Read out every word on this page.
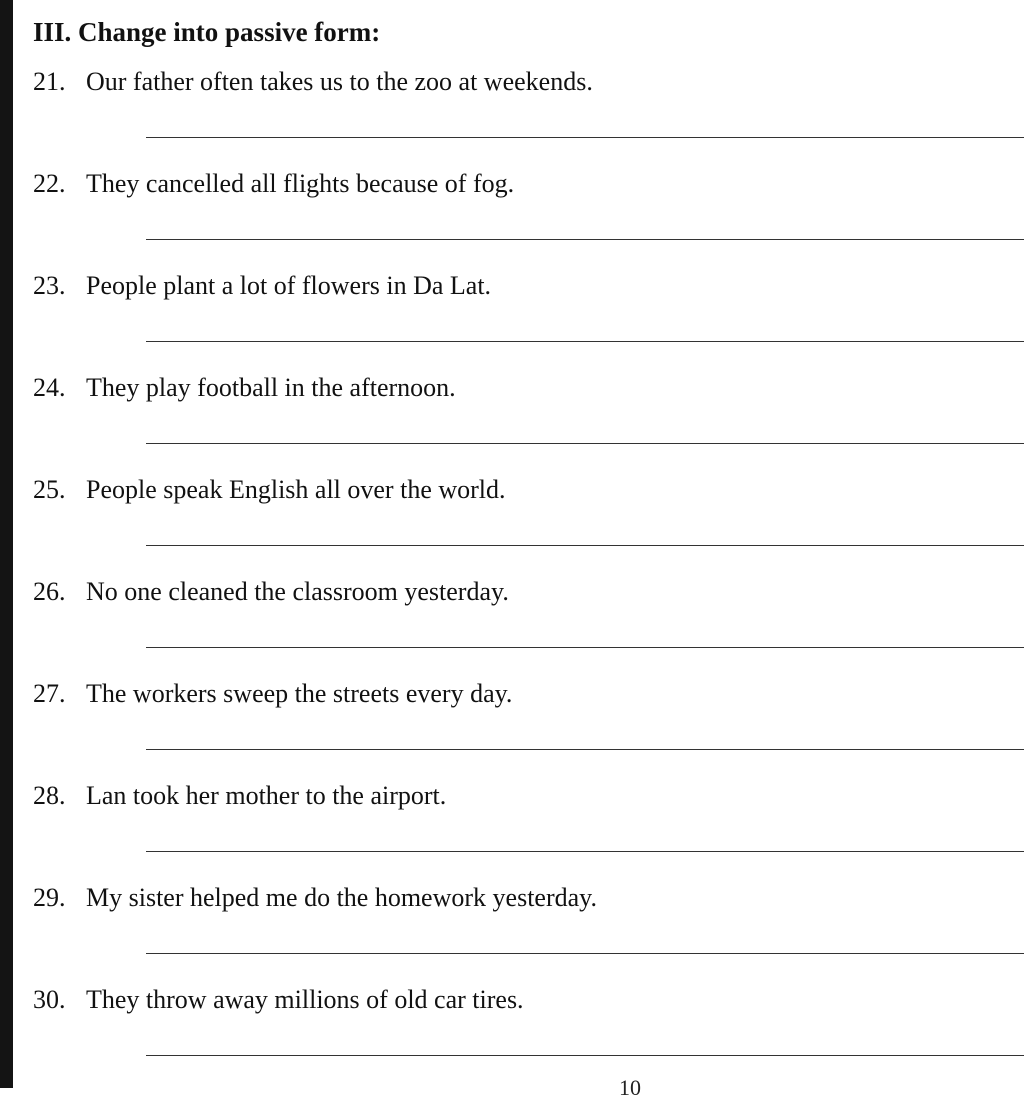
III. Change into passive form:
21. Our father often takes us to the zoo at weekends.
22. They cancelled all flights because of fog.
23. People plant a lot of flowers in Da Lat.
24. They play football in the afternoon.
25. People speak English all over the world.
26. No one cleaned the classroom yesterday.
27. The workers sweep the streets every day.
28. Lan took her mother to the airport.
29. My sister helped me do the homework yesterday.
30. They throw away millions of old car tires.
10
